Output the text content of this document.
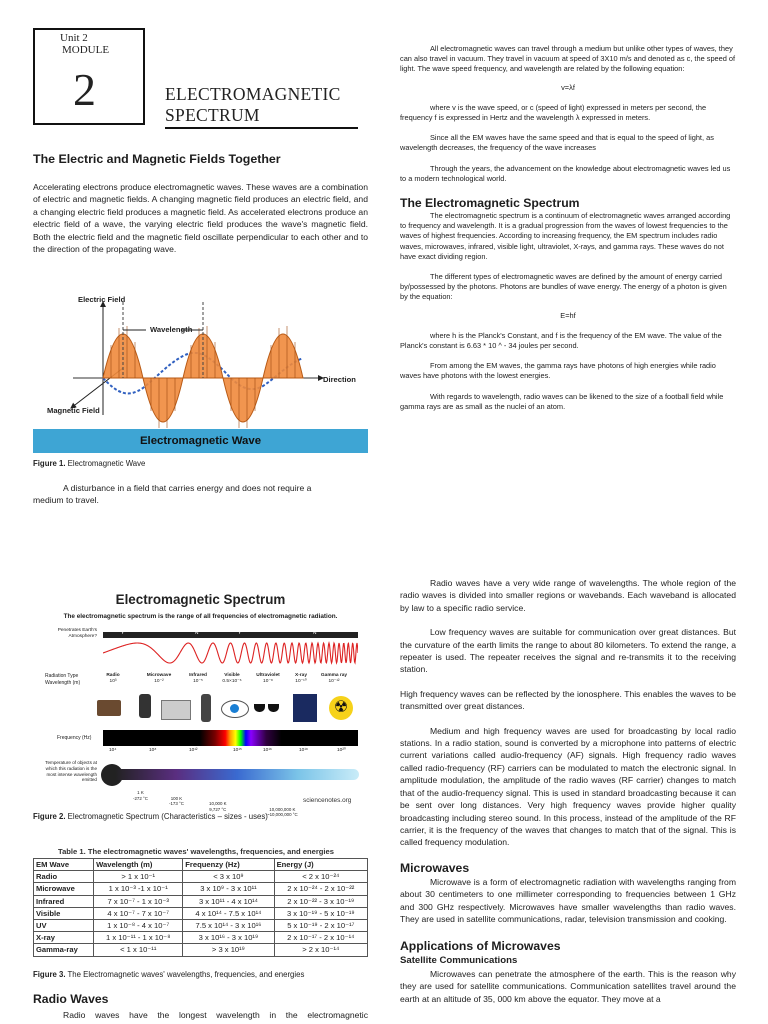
Unit 2
MODULE
2	ELECTROMAGNETIC
SPECTRUM
The Electric and Magnetic Fields Together

Accelerating electrons produce electromagnetic waves. These waves are a combination of electric and magnetic fields. A changing magnetic field produces an electric field, and a changing electric field produces a magnetic field. As accelerated electrons produce an electric field of a wave, the varying electric field produces the wave's magnetic field. Both the electric field and the magnetic field oscillate perpendicular to each other and to the direction of the propagating wave.

Electric Field
Wavelength
Direction
Magnetic Field
Electromagnetic Wave

Figure 1. Electromagnetic Wave

A disturbance in a field that carries energy and does not require a medium to travel.

All electromagnetic waves can travel through a medium but unlike other types of waves, they can also travel in vacuum. They travel in vacuum at speed of 3X10 m/s and denoted as c, the speed of light. The wave speed frequency, and wavelength are related by the following equation:

v=λf

where v is the wave speed, or c (speed of light) expressed in meters per second, the frequency f is expressed in Hertz and the wavelength λ expressed in meters.

Since all the EM waves have the same speed and that is equal to the speed of light, as wavelength decreases, the frequency of the wave increases

Through the years, the advancement on the knowledge about electromagnetic waves led us to a modern technological world.

The Electromagnetic Spectrum

The electromagnetic spectrum is a continuum of electromagnetic waves arranged according to frequency and wavelength. It is a gradual progression from the waves of lowest frequencies to the waves of highest frequencies. According to increasing frequency, the EM spectrum includes radio waves, microwaves, infrared, visible light, ultraviolet, X-rays, and gamma rays. These waves do not have exact dividing region.

The different types of electromagnetic waves are defined by the amount of energy carried by/possessed by the photons. Photons are bundles of wave energy. The energy of a photon is given by the equation:

E=hf

where h is the Planck's Constant, and f is the frequency of the EM wave. The value of the Planck's constant is 6.63 * 10 ^ - 34 joules per second.

From among the EM waves, the gamma rays have photons of high energies while radio waves have photons with the lowest energies.

With regards to wavelength, radio waves can be likened to the size of a football field while gamma rays are as small as the nuclei of an atom.

Electromagnetic Spectrum
The electromagnetic spectrum is the range of all frequencies of electromagnetic radiation.
Penetrates Earth's Atmosphere?
Y	N	Y	N
Radiation Type Wavelength (m)
Radio
10³
Microwave
10⁻²
Infrared
10⁻⁵
Visible
0.5×10⁻⁶
Ultraviolet
10⁻⁸
X-ray
10⁻¹⁰
Gamma ray
10⁻¹²
☢
Frequency (Hz)
10⁴	10⁸	10¹²	10¹⁵	10¹⁶	10¹⁸	10²⁰
Temperature of objects at which this radiation is the most intense wavelength emitted

1 K
-272 °C

	100 K
-173 °C

	10,000 K
9,727 °C

	10,000,000 K
~10,000,000 °C

sciencenotes.org

Figure 2. Electromagnetic Spectrum (Characteristics – sizes - uses)

Table 1. The electromagnetic waves' wavelengths, frequencies, and energies
EM Wave	Wavelength (m)	Frequenzy (Hz)	Energy (J)
Radio	> 1 x 10⁻¹	< 3 x 10⁹	< 2 x 10⁻²⁴
Microwave	1 x 10⁻³ -1 x 10⁻¹	3 x 10⁹ - 3 x 10¹¹	2 x 10⁻²⁴ - 2 x 10⁻²²
Infrared	7 x 10⁻⁷ - 1 x 10⁻³	3 x 10¹¹ - 4 x 10¹⁴	2 x 10⁻²² - 3 x 10⁻¹⁹
Visible	4 x 10⁻⁷ - 7 x 10⁻⁷	4 x 10¹⁴ - 7.5 x 10¹⁴	3 x 10⁻¹⁹ - 5 x 10⁻¹⁹
UV	1 x 10⁻⁸ - 4 x 10⁻⁷	7.5 x 10¹⁴ - 3 x 10¹⁶	5 x 10⁻¹⁹ - 2 x 10⁻¹⁷
X-ray	1 x 10⁻¹¹ - 1 x 10⁻⁸	3 x 10¹⁶ - 3 x 10¹⁹	2 x 10⁻¹⁷ - 2 x 10⁻¹⁴
Gamma-ray	< 1 x 10⁻¹¹	> 3 x 10¹⁹	> 2 x 10⁻¹⁴

Figure 3. The Electromagnetic waves' wavelengths, frequencies, and energies

Radio Waves

Radio waves have the longest wavelength in the electromagnetic

Radio waves have a very wide range of wavelengths. The whole region of the radio waves is divided into smaller regions or wavebands. Each waveband is allocated by law to a specific radio service.

Low frequency waves are suitable for communication over great distances. But the curvature of the earth limits the range to about 80 kilometers. To extend the range, a repeater is used. The repeater receives the signal and re-transmits it to the receiving station.

High frequency waves can be reflected by the ionosphere. This enables the waves to be transmitted over great distances.

Medium and high frequency waves are used for broadcasting by local radio stations. In a radio station, sound is converted by a microphone into patterns of electric current variations called audio-frequency (AF) signals. High frequency radio waves called radio-frequency (RF) carriers can be modulated to match the electronic signal. In amplitude modulation, the amplitude of the radio waves (RF carrier) changes to match that of the audio-frequency signal. This is used in standard broadcasting because it can be sent over long distances. Very high frequency waves provide higher quality broadcasting including stereo sound. In this process, instead of the amplitude of the RF carrier, it is the frequency of the waves that changes to match that of the signal. This is called frequency modulation.

Microwaves

Microwave is a form of electromagnetic radiation with wavelengths ranging from about 30 centimeters to one millimeter corresponding to frequencies between 1 GHz and 300 GHz respectively. Microwaves have smaller wavelengths than radio waves. They are used in satellite communications, radar, television transmission and cooking.

Applications of Microwaves
Satellite Communications

Microwaves can penetrate the atmosphere of the earth. This is the reason why they are used for satellite communications. Communication satellites travel around the earth at an altitude of 35, 000 km above the equator. They move at a
